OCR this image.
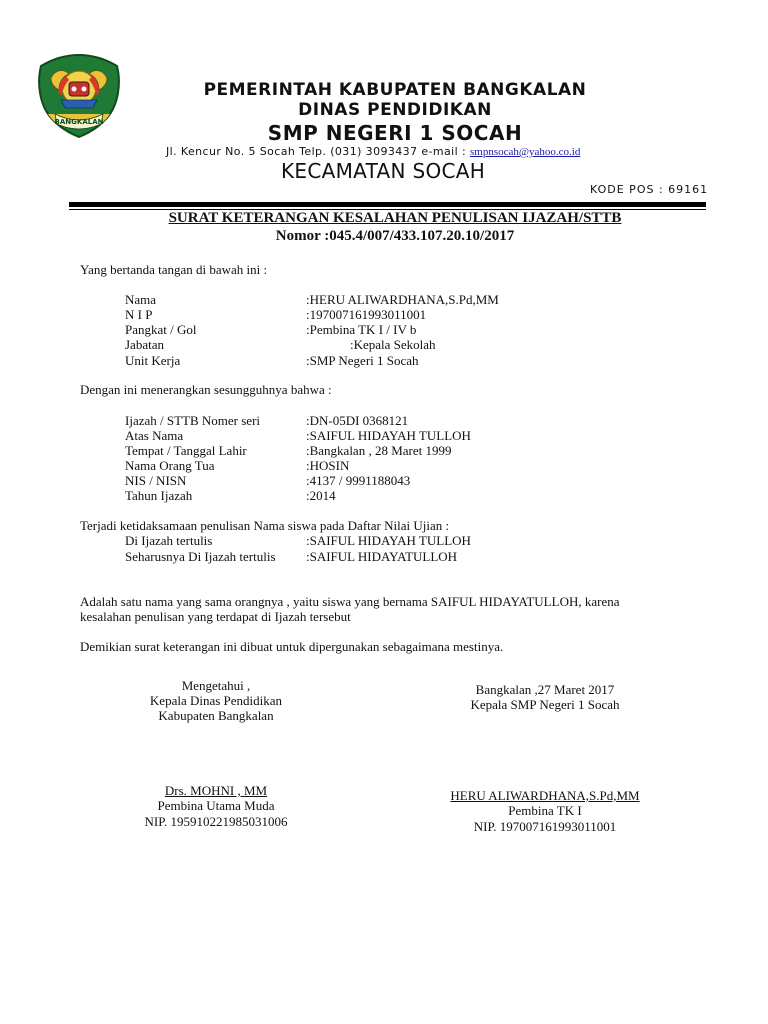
BANGKALAN
PEMERINTAH KABUPATEN BANGKALAN
DINAS PENDIDIKAN
SMP NEGERI 1 SOCAH
Jl. Kencur No. 5 Socah Telp. (031) 3093437 e-mail : smpnsocah@yahoo.co.id
KECAMATAN SOCAH
KODE POS : 69161
SURAT KETERANGAN KESALAHAN PENULISAN IJAZAH/STTB
Nomor :045.4/007/433.107.20.10/2017
Yang bertanda tangan di bawah ini :
Nama	:HERU ALIWARDHANA,S.Pd,MM
N I P	:197007161993011001
Pangkat / Gol	:Pembina TK I / IV b
Jabatan	:Kepala Sekolah
Unit Kerja	:SMP Negeri 1 Socah
Dengan ini menerangkan sesungguhnya bahwa :
Ijazah / STTB Nomer seri	:DN-05DI 0368121
Atas Nama	:SAIFUL HIDAYAH TULLOH
Tempat / Tanggal Lahir	:Bangkalan , 28 Maret 1999
Nama Orang Tua	:HOSIN
NIS / NISN	:4137 / 9991188043
Tahun Ijazah	:2014
Terjadi ketidaksamaan penulisan Nama siswa pada Daftar Nilai Ujian :
Di Ijazah tertulis	:SAIFUL HIDAYAH TULLOH
Seharusnya Di Ijazah tertulis :SAIFUL HIDAYATULLOH
Adalah satu nama yang sama orangnya , yaitu siswa yang bernama SAIFUL HIDAYATULLOH, karena
kesalahan penulisan yang terdapat di Ijazah tersebut
Demikian surat keterangan ini dibuat untuk dipergunakan sebagaimana mestinya.
Mengetahui ,
Kepala Dinas Pendidikan
Kabupaten Bangkalan
Drs. MOHNI , MM
Pembina Utama Muda
NIP. 195910221985031006
Bangkalan ,27 Maret 2017
Kepala SMP Negeri 1 Socah
HERU ALIWARDHANA,S.Pd,MM
Pembina TK I
NIP. 197007161993011001
